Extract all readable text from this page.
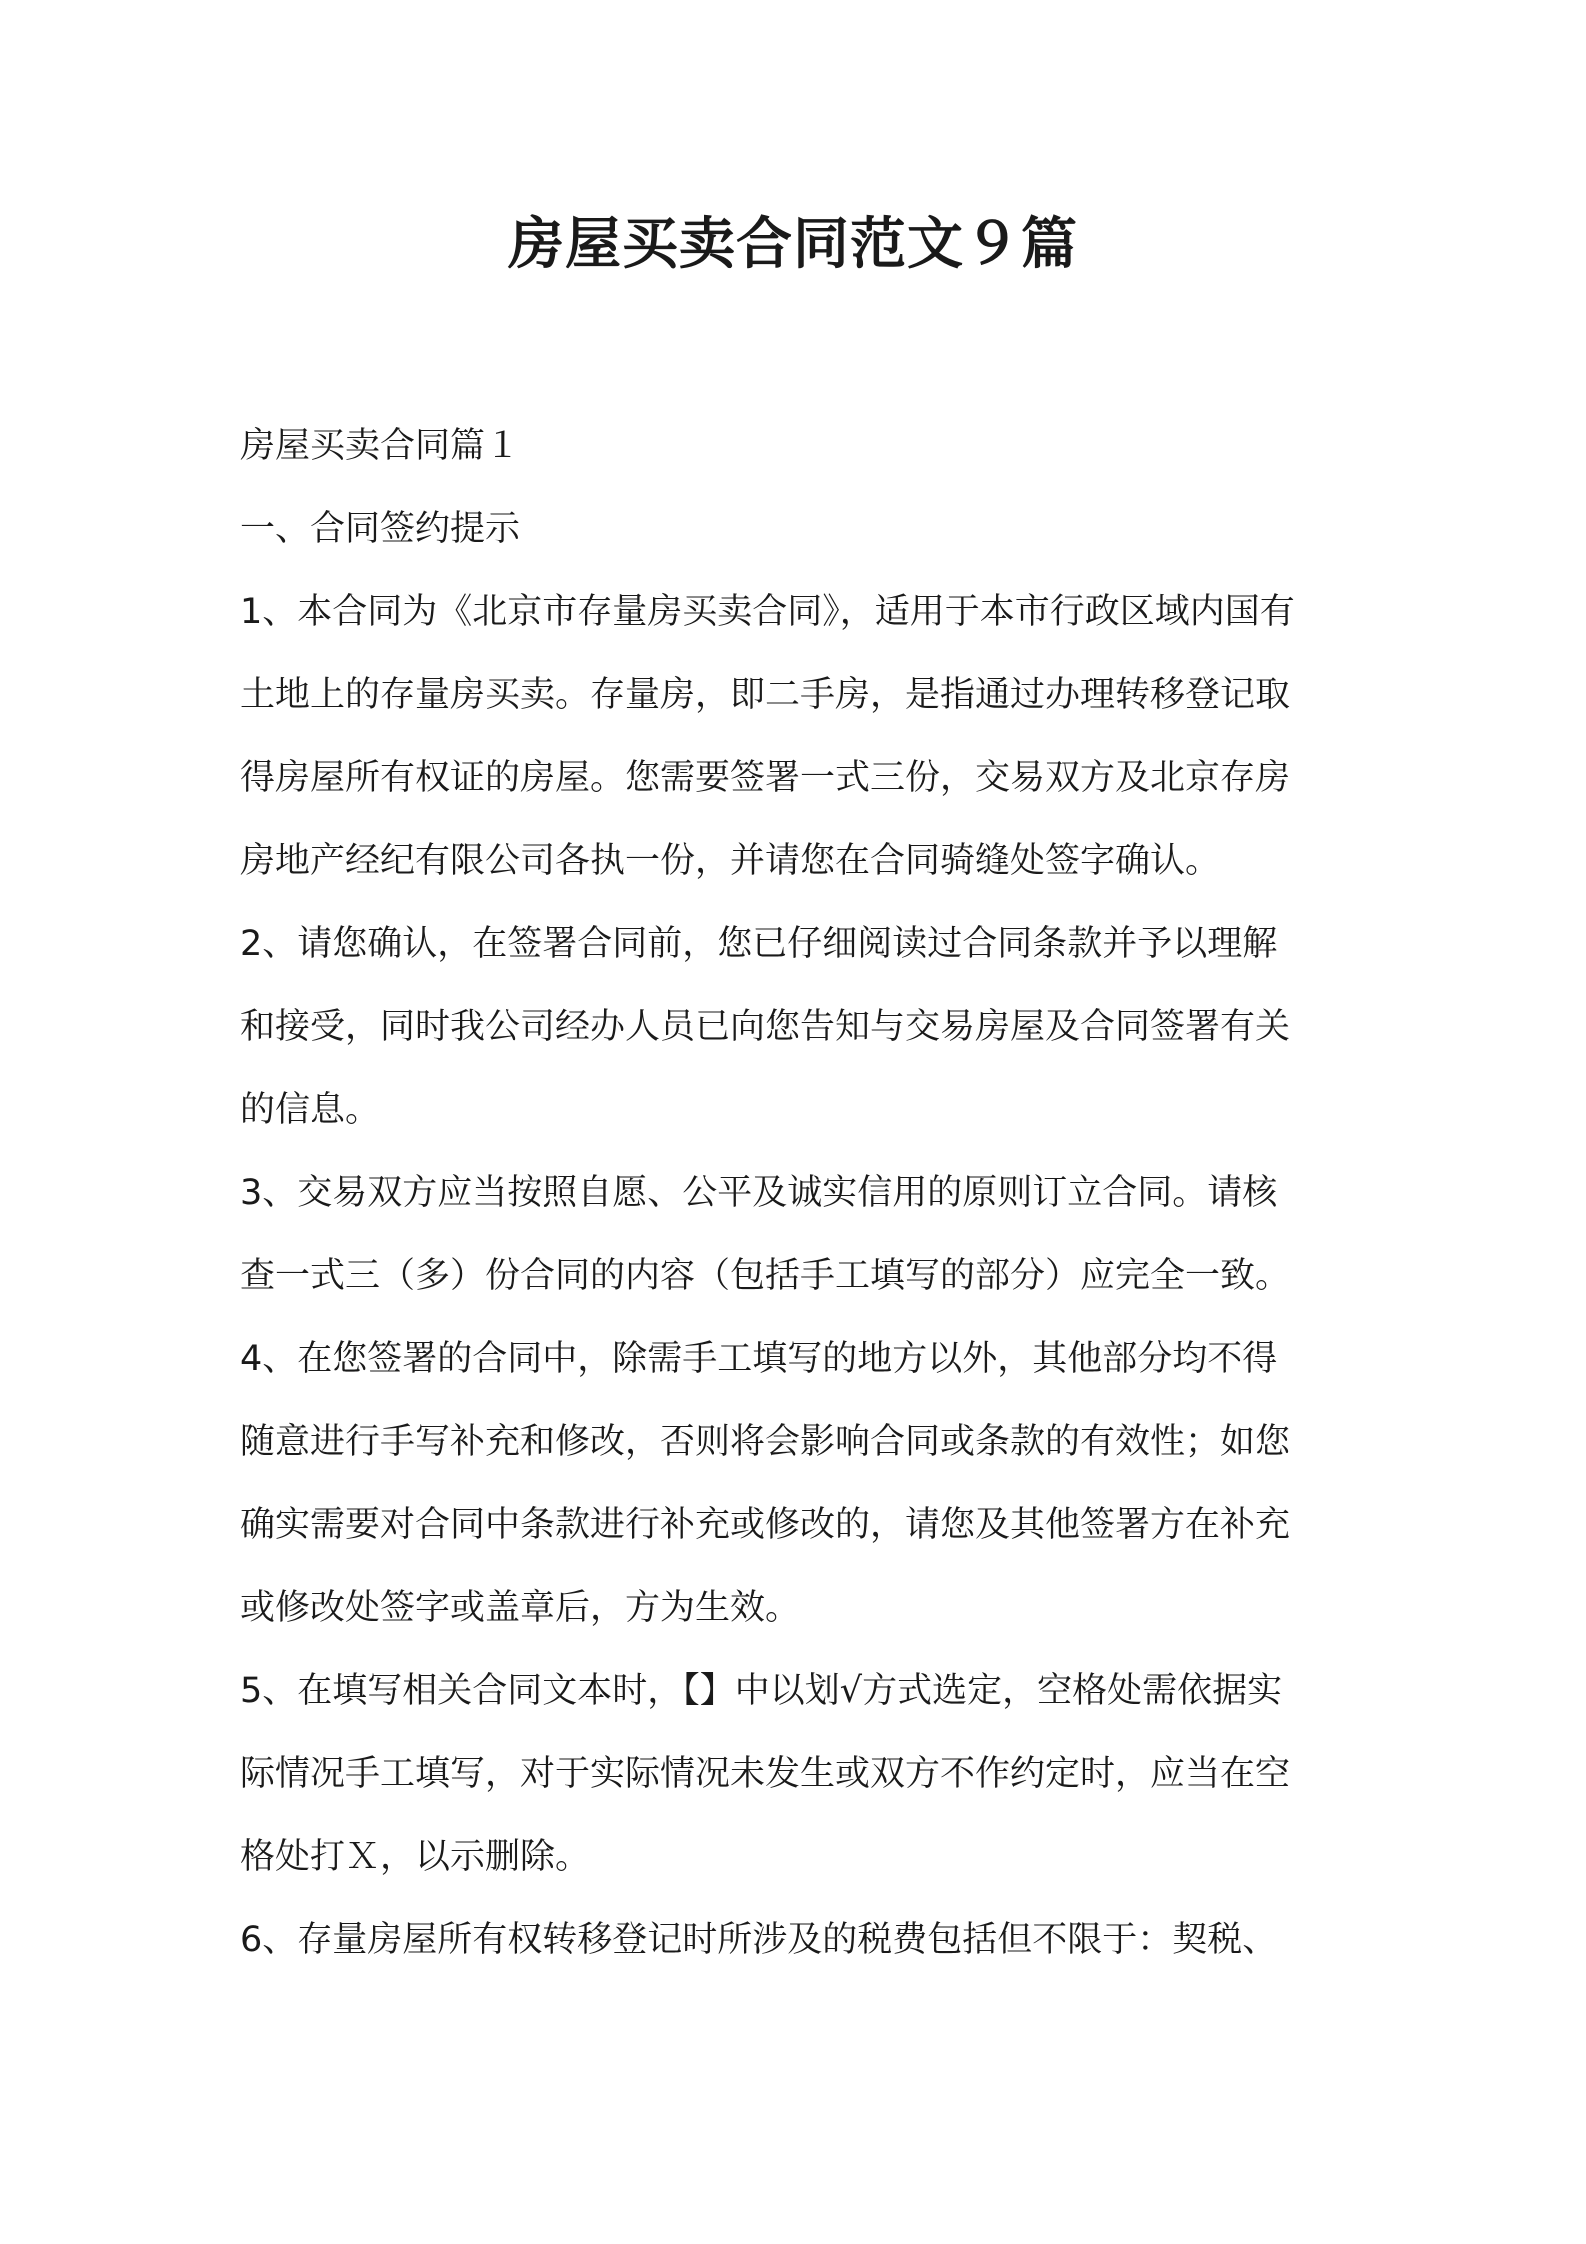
房屋买卖合同范文９篇
房屋买卖合同篇１
一、合同签约提示
1、本合同为《北京市存量房买卖合同》，适用于本市行政区域内国有
土地上的存量房买卖。存量房，即二手房，是指通过办理转移登记取
得房屋所有权证的房屋。您需要签署一式三份，交易双方及北京存房
房地产经纪有限公司各执一份，并请您在合同骑缝处签字确认。
2、请您确认，在签署合同前，您已仔细阅读过合同条款并予以理解
和接受，同时我公司经办人员已向您告知与交易房屋及合同签署有关
的信息。
3、交易双方应当按照自愿、公平及诚实信用的原则订立合同。请核
查一式三（多）份合同的内容（包括手工填写的部分）应完全一致。
4、在您签署的合同中，除需手工填写的地方以外，其他部分均不得
随意进行手写补充和修改，否则将会影响合同或条款的有效性；如您
确实需要对合同中条款进行补充或修改的，请您及其他签署方在补充
或修改处签字或盖章后，方为生效。
5、在填写相关合同文本时，【】中以划√方式选定，空格处需依据实
际情况手工填写，对于实际情况未发生或双方不作约定时，应当在空
格处打Ｘ，以示删除。
6、存量房屋所有权转移登记时所涉及的税费包括但不限于：契税、
